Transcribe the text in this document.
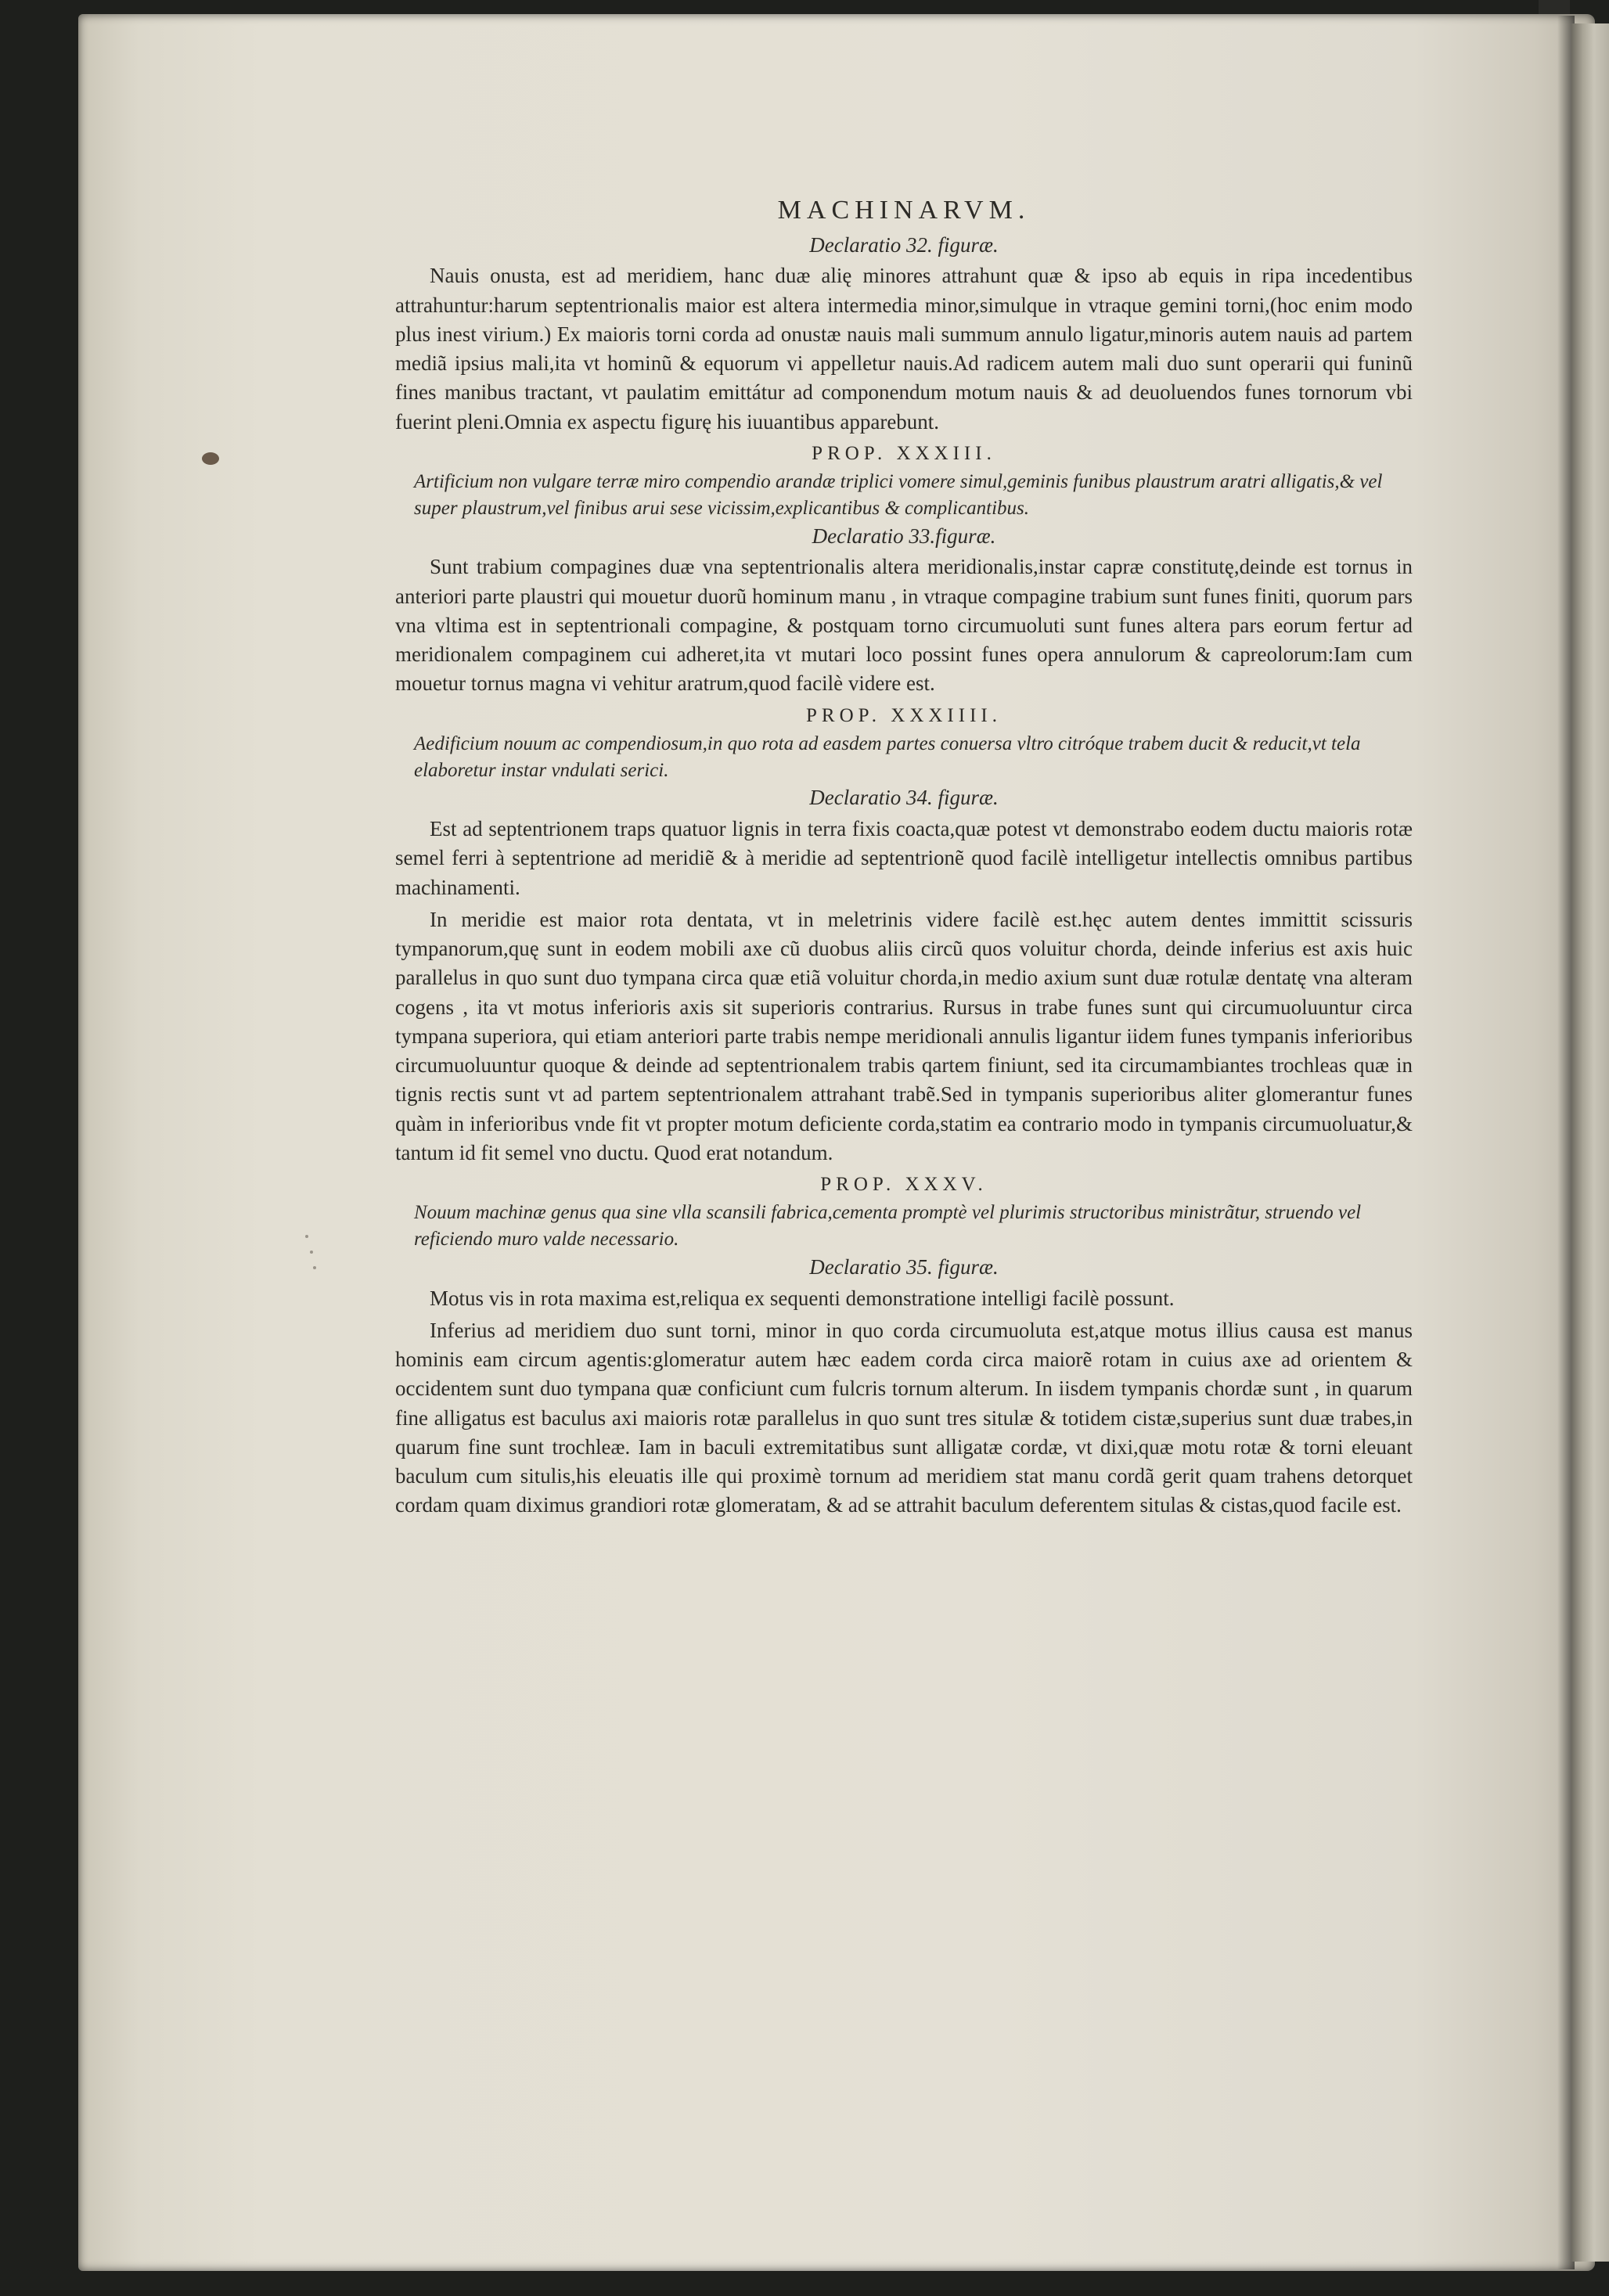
MACHINARVM.
Declaratio 32. figuræ.

Nauis onusta, est ad meridiem, hanc duæ alię minores attrahunt quæ & ipso ab equis in ripa incedentibus attrahuntur:harum septentrionalis maior est altera intermedia minor,simulque in vtraque gemini torni,(hoc enim modo plus inest virium.) Ex maioris torni corda ad onustæ nauis mali summum annulo ligatur,minoris autem nauis ad partem mediã ipsius mali,ita vt hominũ & equorum vi appelletur nauis.Ad radicem autem mali duo sunt operarii qui funinũ fines manibus tractant, vt paulatim emittátur ad componendum motum nauis & ad deuoluendos funes tornorum vbi fuerint pleni.Omnia ex aspectu figurę his iuuantibus apparebunt.

PROP. XXXIII.
Artificium non vulgare terræ miro compendio arandæ triplici vomere simul,geminis funibus plaustrum aratri alligatis,& vel super plaustrum,vel finibus arui sese vicissim,explicantibus & complicantibus.
Declaratio 33.figuræ.

Sunt trabium compagines duæ vna septentrionalis altera meridionalis,instar capræ constitutę,deinde est tornus in anteriori parte plaustri qui mouetur duorũ hominum manu , in vtraque compagine trabium sunt funes finiti, quorum pars vna vltima est in septentrionali compagine, & postquam torno circumuoluti sunt funes altera pars eorum fertur ad meridionalem compaginem cui adheret,ita vt mutari loco possint funes opera annulorum & capreolorum:Iam cum mouetur tornus magna vi vehitur aratrum,quod facilè videre est.

PROP. XXXIIII.
Aedificium nouum ac compendiosum,in quo rota ad easdem partes conuersa vltro citróque trabem ducit & reducit,vt tela elaboretur instar vndulati serici.
Declaratio 34. figuræ.

Est ad septentrionem traps quatuor lignis in terra fixis coacta,quæ potest vt demonstrabo eodem ductu maioris rotæ semel ferri à septentrione ad meridiẽ & à meridie ad septentrionẽ quod facilè intelligetur intellectis omnibus partibus machinamenti.

In meridie est maior rota dentata, vt in meletrinis videre facilè est.hęc autem dentes immittit scissuris tympanorum,quę sunt in eodem mobili axe cũ duobus aliis circũ quos voluitur chorda, deinde inferius est axis huic parallelus in quo sunt duo tympana circa quæ etiã voluitur chorda,in medio axium sunt duæ rotulæ dentatę vna alteram cogens , ita vt motus inferioris axis sit superioris contrarius. Rursus in trabe funes sunt qui circumuoluuntur circa tympana superiora, qui etiam anteriori parte trabis nempe meridionali annulis ligantur iidem funes tympanis inferioribus circumuoluuntur quoque & deinde ad septentrionalem trabis qartem finiunt, sed ita circumambiantes trochleas quæ in tignis rectis sunt vt ad partem septentrionalem attrahant trabẽ.Sed in tympanis superioribus aliter glomerantur funes quàm in inferioribus vnde fit vt propter motum deficiente corda,statim ea contrario modo in tympanis circumuoluatur,& tantum id fit semel vno ductu. Quod erat notandum.

PROP. XXXV.
Nouum machinæ genus qua sine vlla scansili fabrica,cementa promptè vel plurimis structoribus ministrãtur, struendo vel reficiendo muro valde necessario.
Declaratio 35. figuræ.

Motus vis in rota maxima est,reliqua ex sequenti demonstratione intelligi facilè possunt.

Inferius ad meridiem duo sunt torni, minor in quo corda circumuoluta est,atque motus illius causa est manus hominis eam circum agentis:glomeratur autem hæc eadem corda circa maiorẽ rotam in cuius axe ad orientem & occidentem sunt duo tympana quæ conficiunt cum fulcris tornum alterum. In iisdem tympanis chordæ sunt , in quarum fine alligatus est baculus axi maioris rotæ parallelus in quo sunt tres situlæ & totidem cistæ,superius sunt duæ trabes,in quarum fine sunt trochleæ. Iam in baculi extremitatibus sunt alligatæ cordæ, vt dixi,quæ motu rotæ & torni eleuant baculum cum situlis,his eleuatis ille qui proximè tornum ad meridiem stat manu cordã gerit quam trahens detorquet cordam quam diximus grandiori rotæ glomeratam, & ad se attrahit baculum deferentem situlas & cistas,quod facile est.
